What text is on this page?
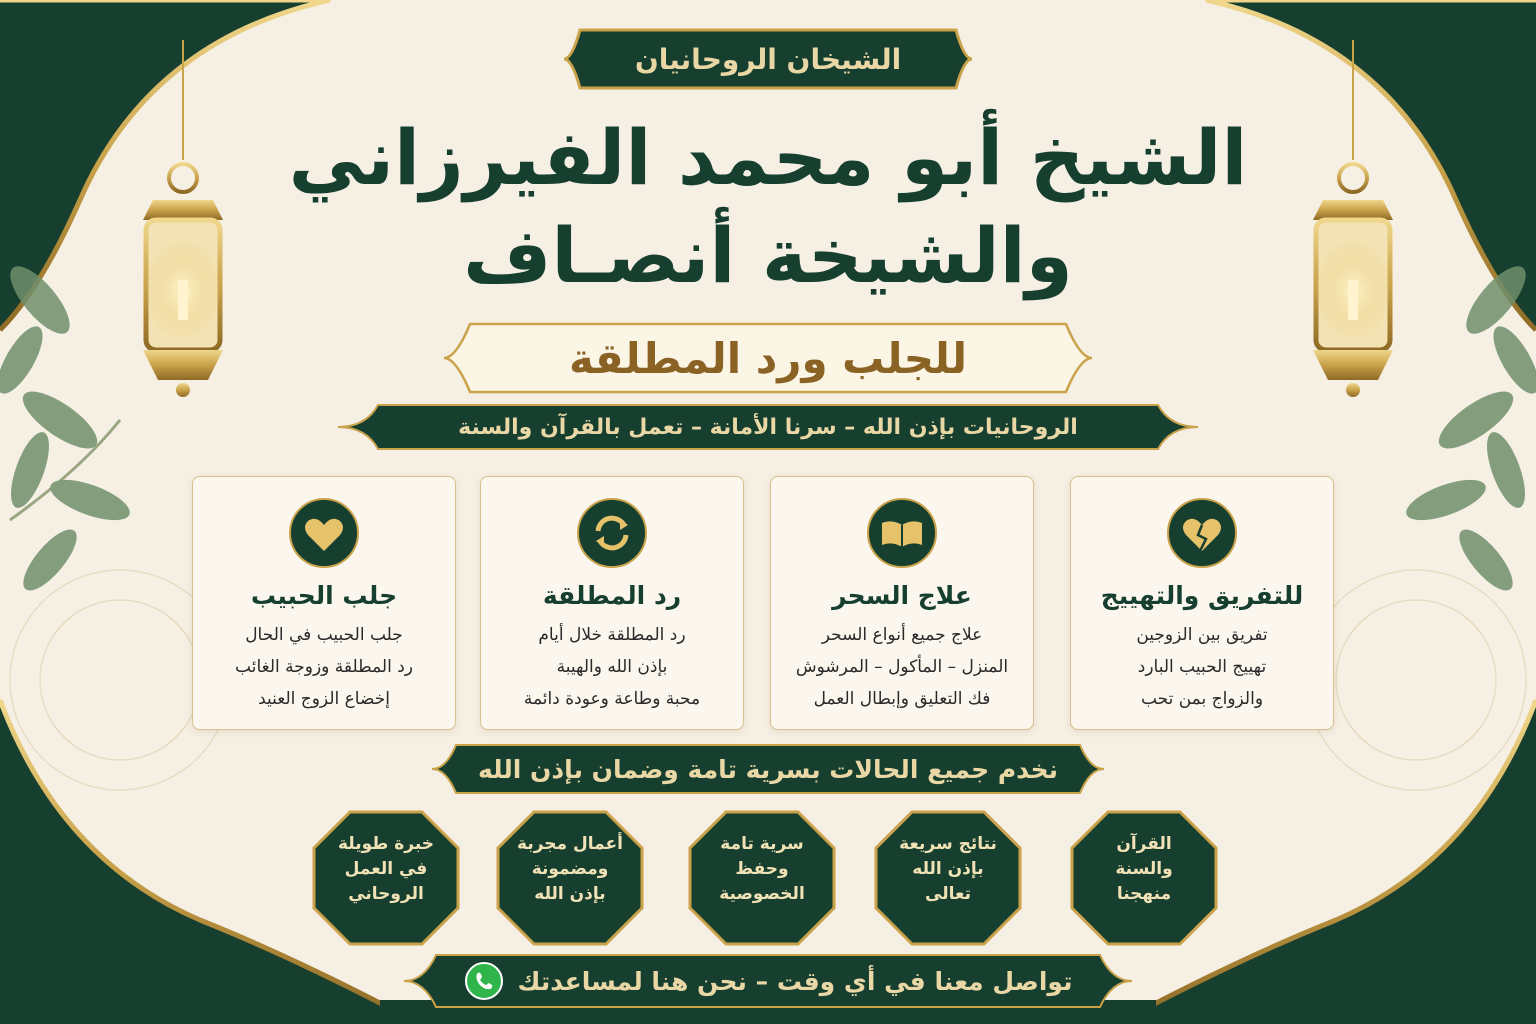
الشيخان الروحانيان
الشيخ أبو محمد الفيرزاني
والشيخة أنصـاف
للجلب ورد المطلقة
الروحانيات بإذن الله – سرنا الأمانة – تعمل بالقرآن والسنة
للتفريق والتهييج
تفريق بين الزوجين
تهييج الحبيب البارد
والزواج بمن تحب
علاج السحر
علاج جميع أنواع السحر
المنزل – المأكول – المرشوش
فك التعليق وإبطال العمل
رد المطلقة
رد المطلقة خلال أيام
بإذن الله والهيبة
محبة وطاعة وعودة دائمة
جلب الحبيب
جلب الحبيب في الحال
رد المطلقة وزوجة الغائب
إخضاع الزوج العنيد
نخدم جميع الحالات بسرية تامة وضمان بإذن الله
القرآن
والسنة
منهجنا
نتائج سريعة
بإذن الله
تعالى
سرية تامة
وحفظ
الخصوصية
أعمال مجربة
ومضمونة
بإذن الله
خبرة طويلة
في العمل
الروحاني
تواصل معنا في أي وقت – نحن هنا لمساعدتك
